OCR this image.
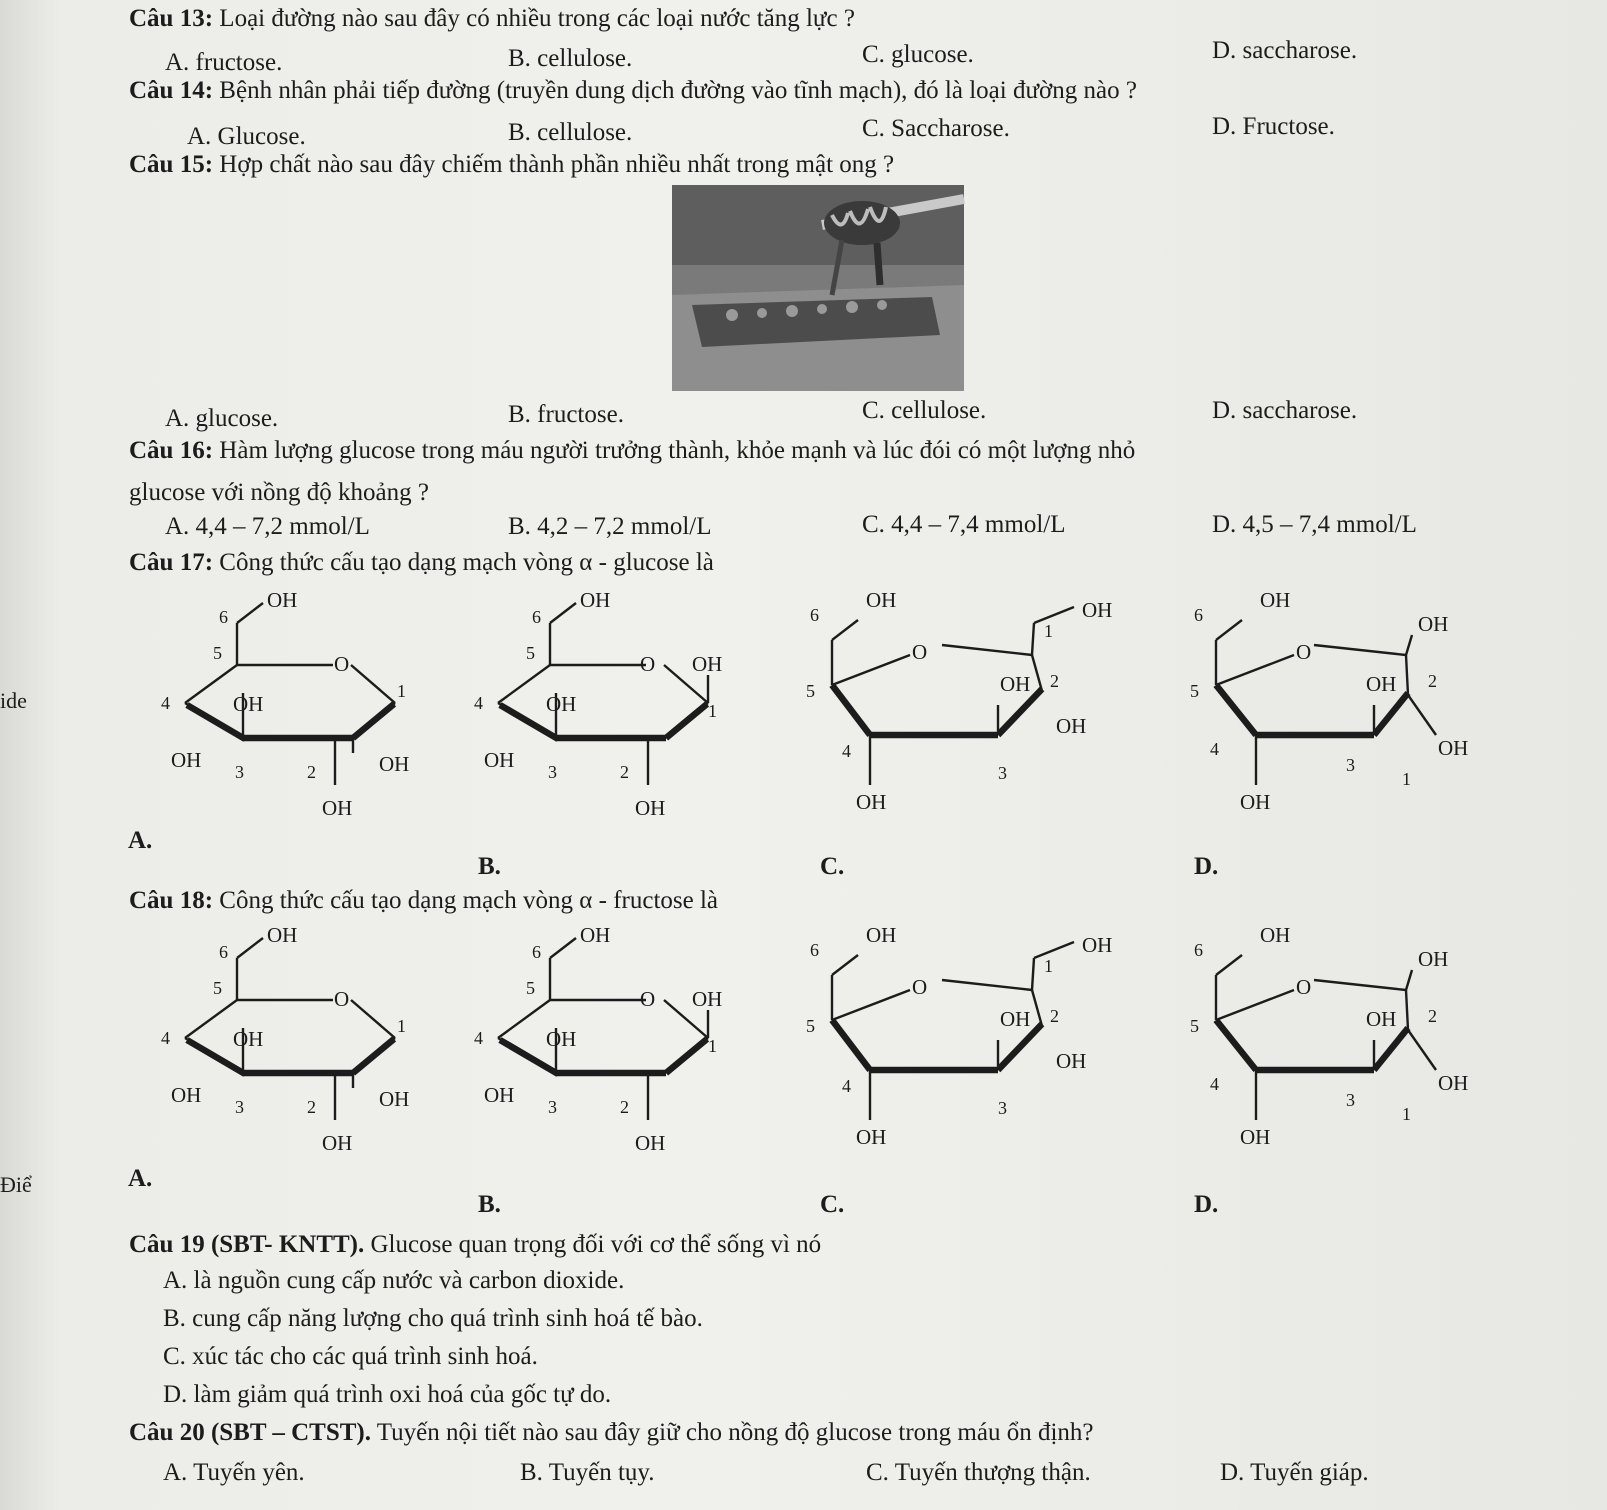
ide
Điể
Câu 13: Loại đường nào sau đây có nhiều trong các loại nước tăng lực ?
A. fructose.	B. cellulose.	C. glucose.	D. saccharose.
Câu 14: Bệnh nhân phải tiếp đường (truyền dung dịch đường vào tĩnh mạch), đó là loại đường nào ?
A. Glucose.	B. cellulose.	C. Saccharose.	D. Fructose.
Câu 15: Hợp chất nào sau đây chiếm thành phần nhiều nhất trong mật ong ?
A. glucose.	B. fructose.	C. cellulose.	D. saccharose.
Câu 16: Hàm lượng glucose trong máu người trưởng thành, khỏe mạnh và lúc đói có một lượng nhỏ
glucose với nồng độ khoảng ?
A. 4,4 – 7,2 mmol/L	B. 4,2 – 7,2 mmol/L	C. 4,4 – 7,4 mmol/L	D. 4,5 – 7,4 mmol/L
Câu 17: Công thức cấu tạo dạng mạch vòng α - glucose là
OH
6
5	O
1
4	OH
OH 3	2	OH
OH
A.
OH
6
5	O OH
1
4	OH
OH 3	2
OH
B.
OH
6	OH
1
O
5	OH 2
OH
4
3
OH
C.
OH
6	OH
O
5	OH 2
OH
4
3
1
OH
D.
Câu 18: Công thức cấu tạo dạng mạch vòng α - fructose là
OH
6
5	O
1
4	OH
OH 3	2	OH
OH
A.
OH
6
5	O OH
1
4	OH
OH 3	2
OH
B.
OH
6	OH
1
O
5	OH 2
OH
4
3
OH
C.
OH
6	OH
O
5	OH 2
OH
4
3
1
OH
D.
Câu 19 (SBT- KNTT). Glucose quan trọng đối với cơ thể sống vì nó
A. là nguồn cung cấp nước và carbon dioxide.
B. cung cấp năng lượng cho quá trình sinh hoá tế bào.
C. xúc tác cho các quá trình sinh hoá.
D. làm giảm quá trình oxi hoá của gốc tự do.
Câu 20 (SBT – CTST). Tuyến nội tiết nào sau đây giữ cho nồng độ glucose trong máu ổn định?
A. Tuyến yên.	B. Tuyến tụy.	C. Tuyến thượng thận.	D. Tuyến giáp.
